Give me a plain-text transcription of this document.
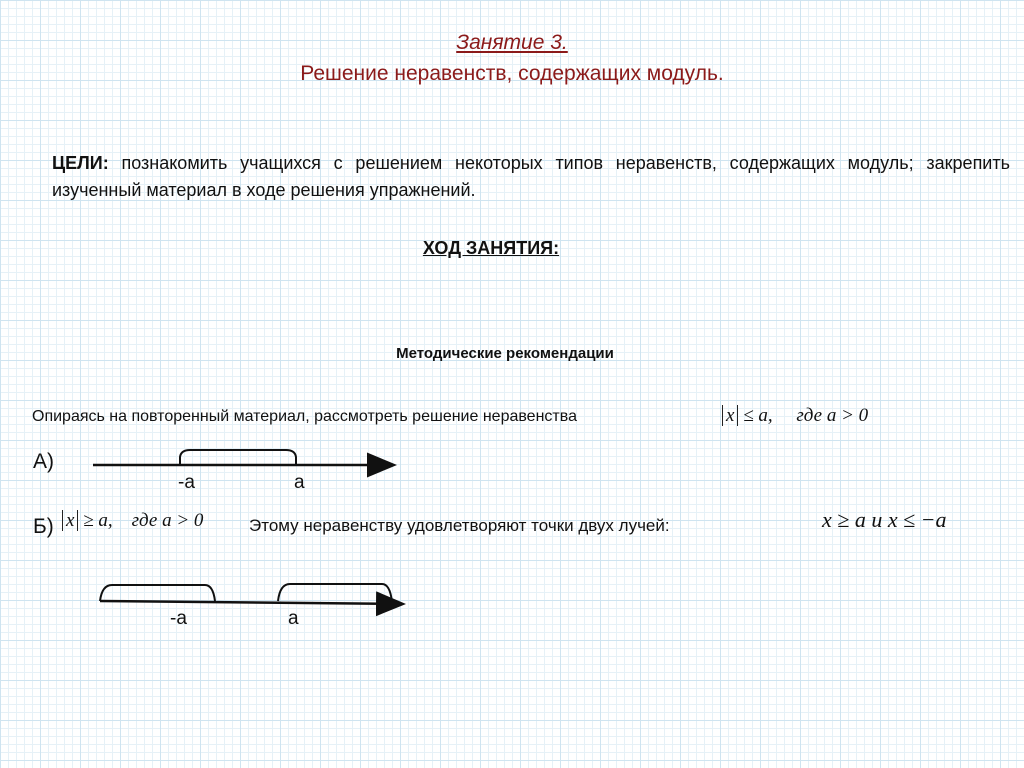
Занятие 3.
Решение неравенств, содержащих модуль.
ЦЕЛИ: познакомить учащихся с решением некоторых типов неравенств, содержащих модуль; закрепить изученный материал в ходе решения упражнений.
ХОД ЗАНЯТИЯ:
Методические рекомендации
Опираясь на повторенный материал, рассмотреть решение неравенства	x ≤ a, где a > 0
А)
-a	a
Б) x ≥ a, где a > 0	Этому неравенству удовлетворяют точки двух лучей:	x ≥ a и x ≤ −a
-a	a
